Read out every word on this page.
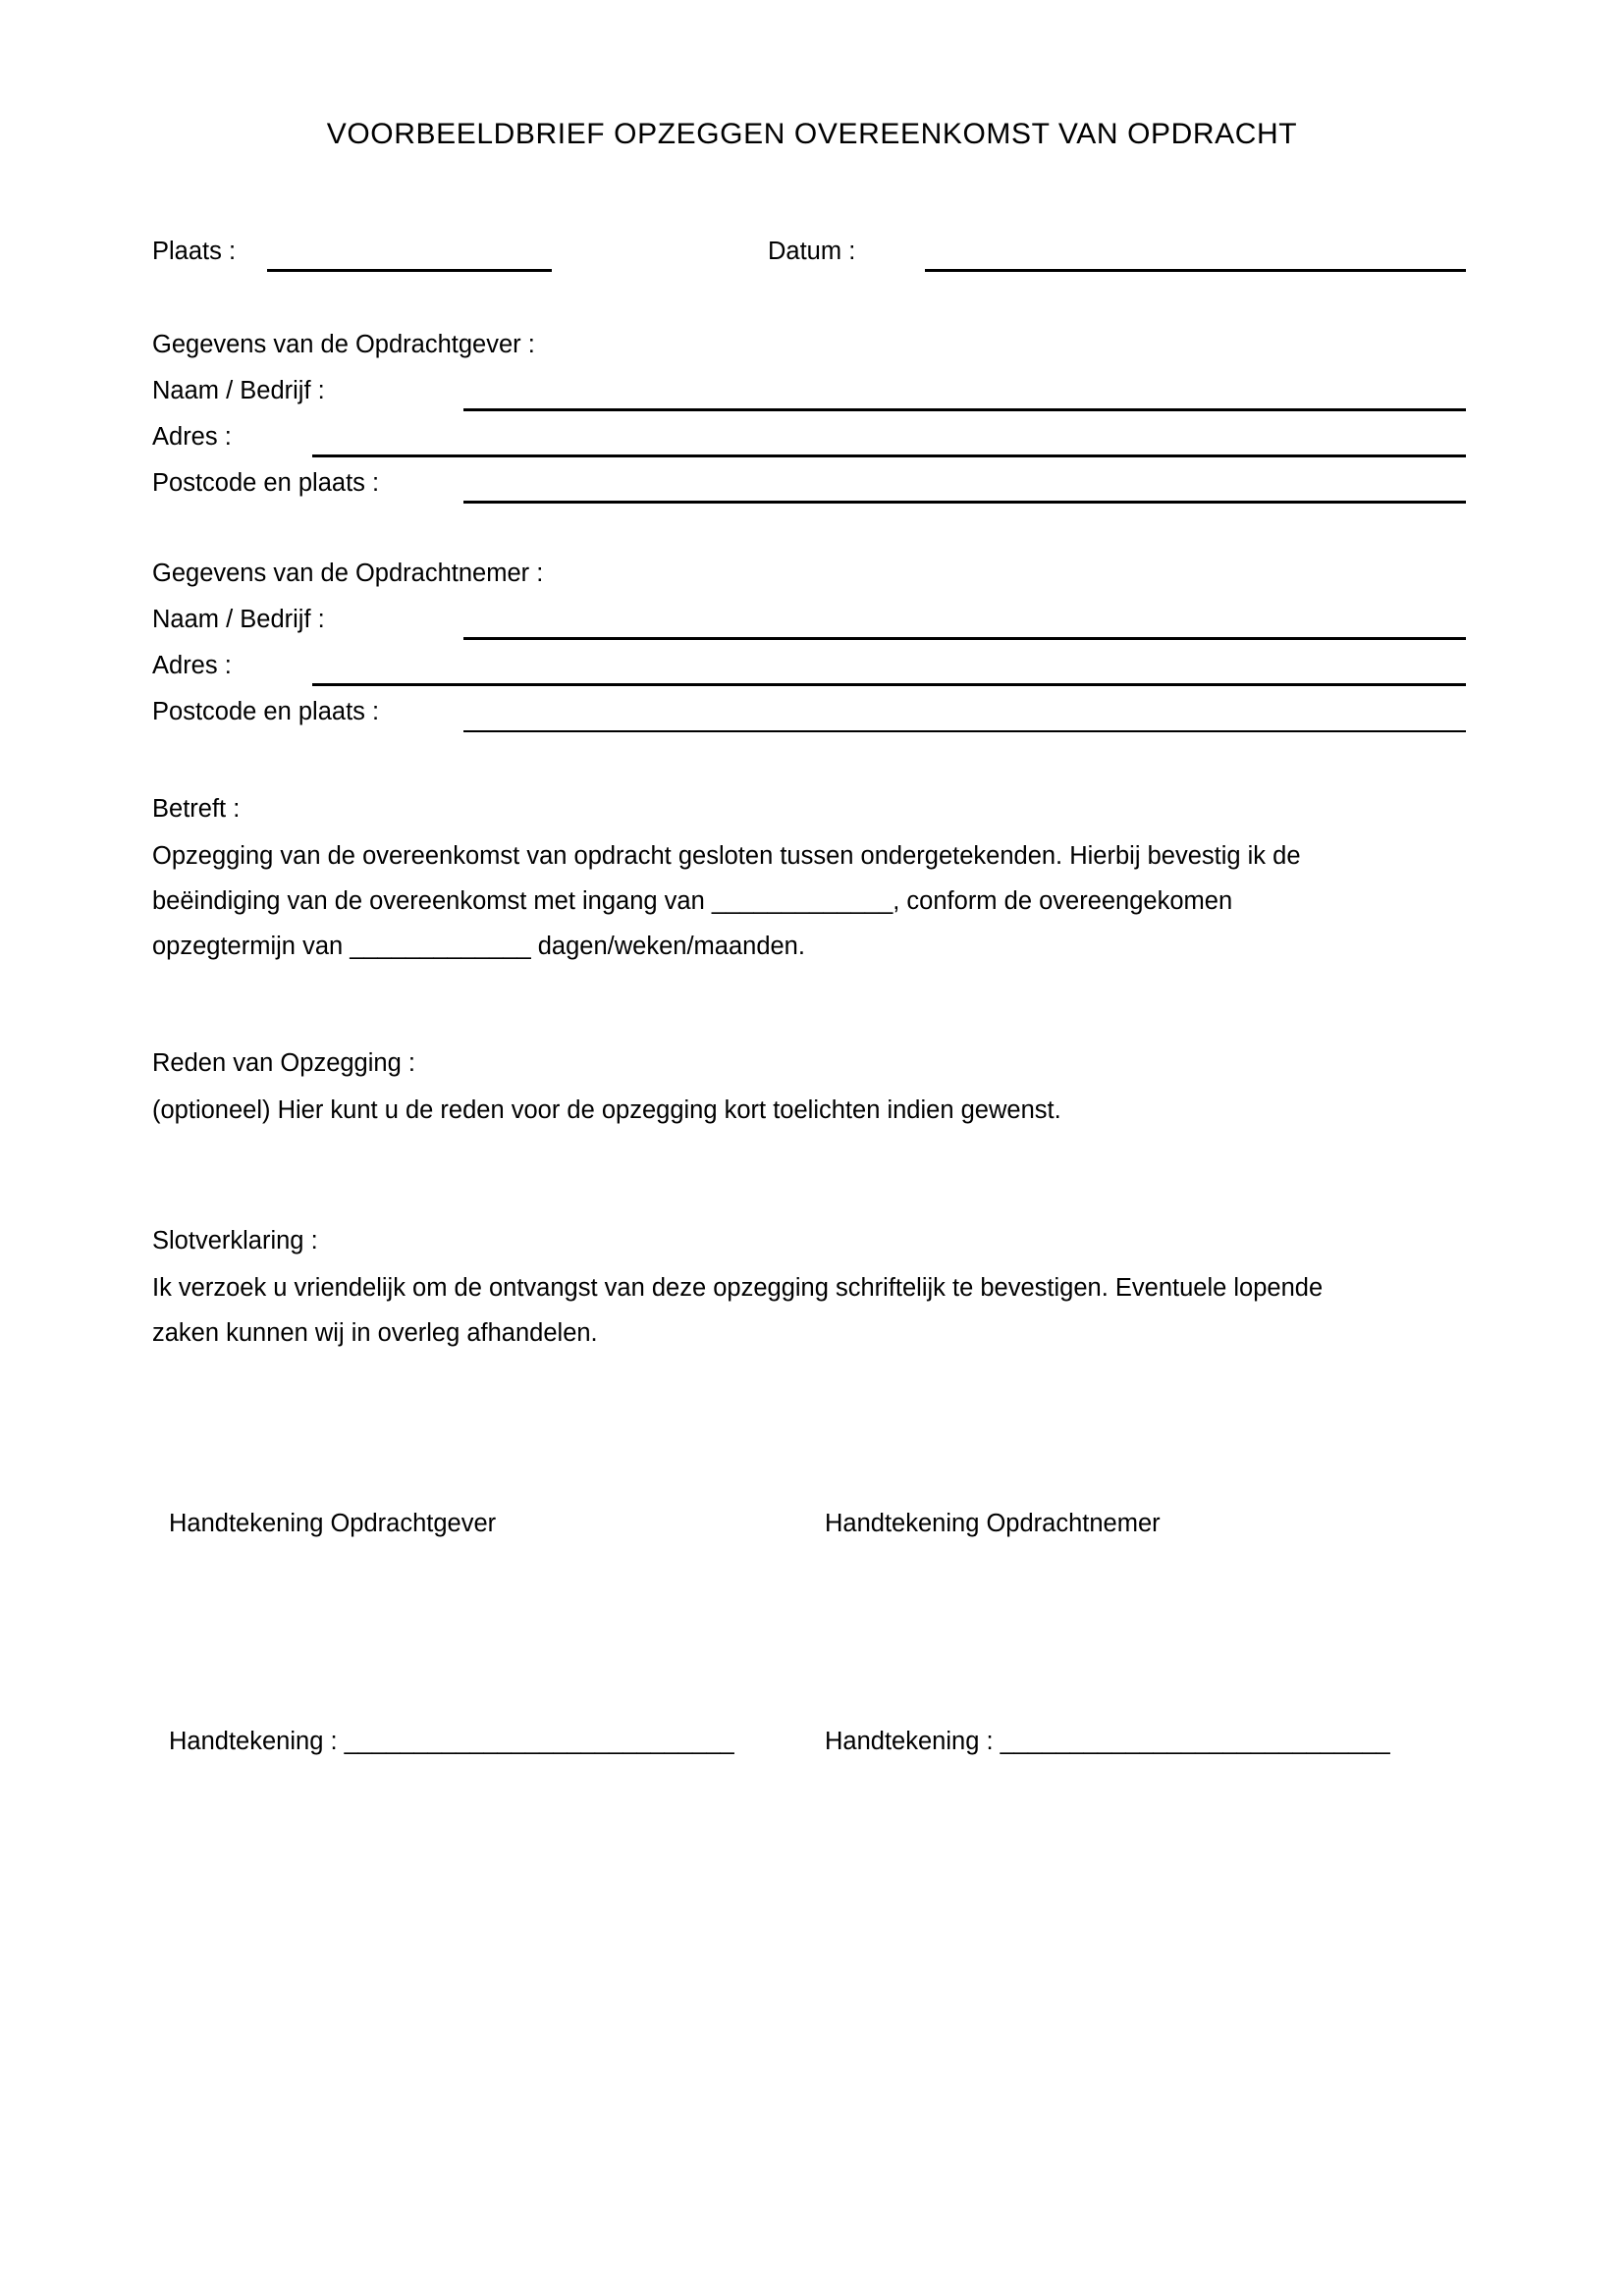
VOORBEELDBRIEF OPZEGGEN OVEREENKOMST VAN OPDRACHT
Plaats :	Datum :
Gegevens van de Opdrachtgever :
Naam / Bedrijf :
Adres :
Postcode en plaats :
Gegevens van de Opdrachtnemer :
Naam / Bedrijf :
Adres :
Postcode en plaats :
Betreft :
Opzegging van de overeenkomst van opdracht gesloten tussen ondergetekenden. Hierbij bevestig ik de
beëindiging van de overeenkomst met ingang van _____________, conform de overeengekomen
opzegtermijn van _____________ dagen/weken/maanden.
Reden van Opzegging :
(optioneel) Hier kunt u de reden voor de opzegging kort toelichten indien gewenst.
Slotverklaring :
Ik verzoek u vriendelijk om de ontvangst van deze opzegging schriftelijk te bevestigen. Eventuele lopende
zaken kunnen wij in overleg afhandelen.
Handtekening Opdrachtgever	Handtekening Opdrachtnemer
Handtekening : ____________________________	Handtekening : ____________________________
